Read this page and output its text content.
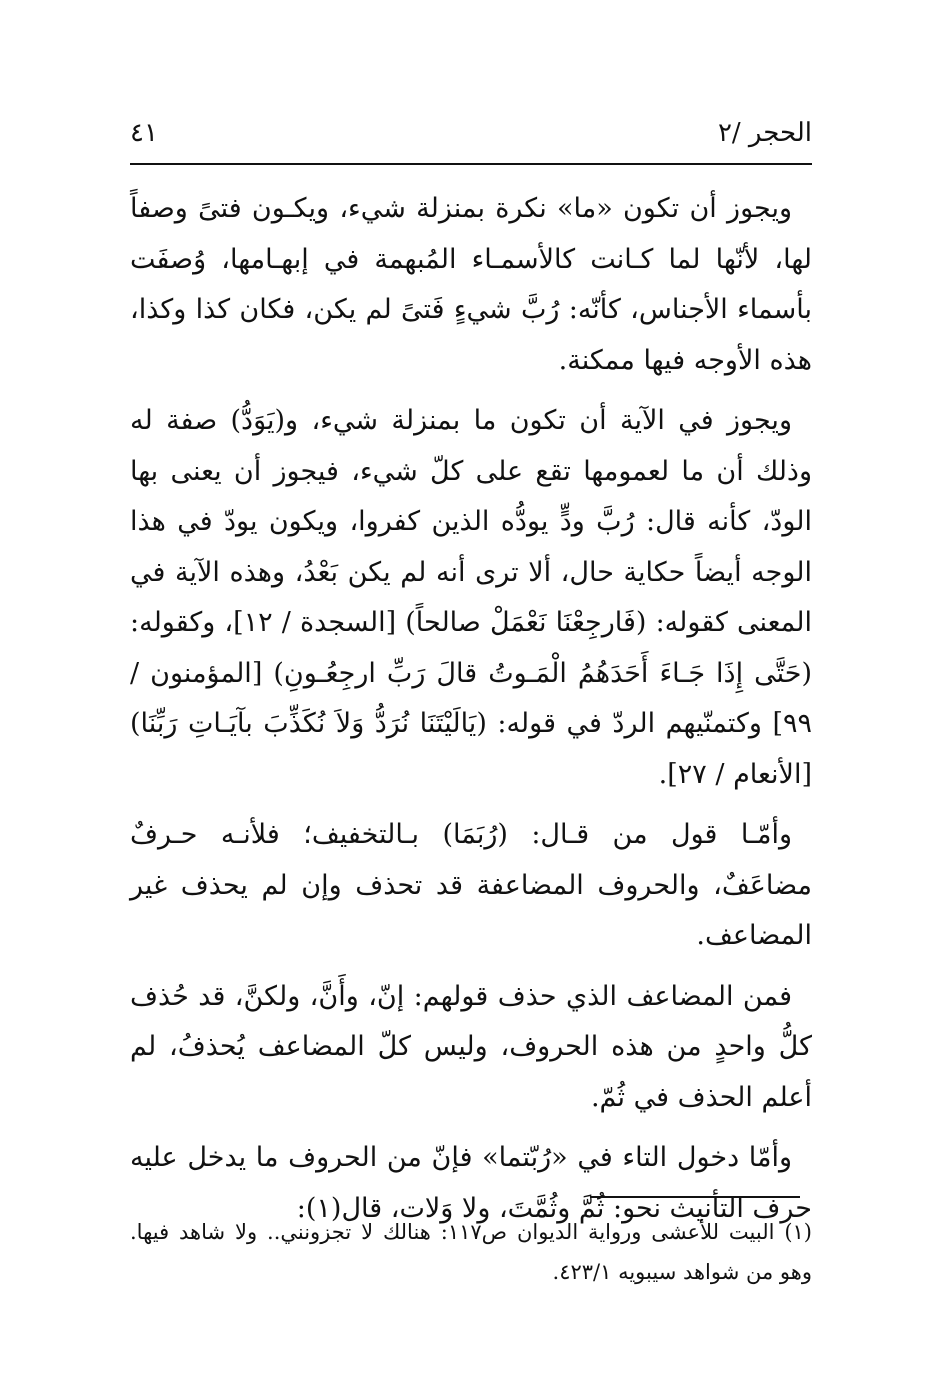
الحجر /٢
٤١

ويجوز أن تكون «ما» نكرة بمنزلة شيء، ويكـون فتىً وصفاً لها، لأنّها لما كـانت كالأسمـاء المُبهمة في إبهـامها، وُصفَت بأسماء الأجناس، كأنّه: رُبَّ شيءٍ فَتىً لم يكن، فكان كذا وكذا، هذه الأوجه فيها ممكنة.

ويجوز في الآية أن تكون ما بمنزلة شيء، و(يَوَدُّ) صفة له وذلك أن ما لعمومها تقع على كلّ شيء، فيجوز أن يعنى بها الودّ، كأنه قال: رُبَّ ودٍّ يودُّه الذين كفروا، ويكون يودّ في هذا الوجه أيضاً حكاية حال، ألا ترى أنه لم يكن بَعْدُ، وهذه الآية في المعنى كقوله: (فَارجِعْنَا نَعْمَلْ صالحاً) [السجدة / ١٢]، وكقوله: (حَتَّى إِذَا جَـاءَ أَحَدَهُمُ الْمَـوتُ قالَ رَبِّ ارجِعُـونِ) [المؤمنون / ٩٩] وكتمنّيهم الردّ في قوله: (يَالَيْتَنَا نُرَدُّ وَلاَ نُكَذِّبَ بآيَـاتِ رَبِّنَا) [الأنعام / ٢٧].

وأمّـا قول من قـال: (رُبَمَا) بـالتخفيف؛ فلأنـه حـرفٌ مضاعَفٌ، والحروف المضاعفة قد تحذف وإن لم يحذف غير المضاعف.

فمن المضاعف الذي حذف قولهم: إنّ، وأَنَّ، ولكنَّ، قد حُذف كلُّ واحدٍ من هذه الحروف، وليس كلّ المضاعف يُحذفُ، لم أعلم الحذف في ثُمّ.

وأمّا دخول التاء في «رُبّتما» فإنّ من الحروف ما يدخل عليه حرف التأنيث نحو: ثُمَّ وثُمَّتَ، ولا وَلات، قال(١):

(١) البيت للأعشى ورواية الديوان ص١١٧: هنالك لا تجزونني.. ولا شاهد فيها. وهو من شواهد سيبويه ٤٢٣/١.
